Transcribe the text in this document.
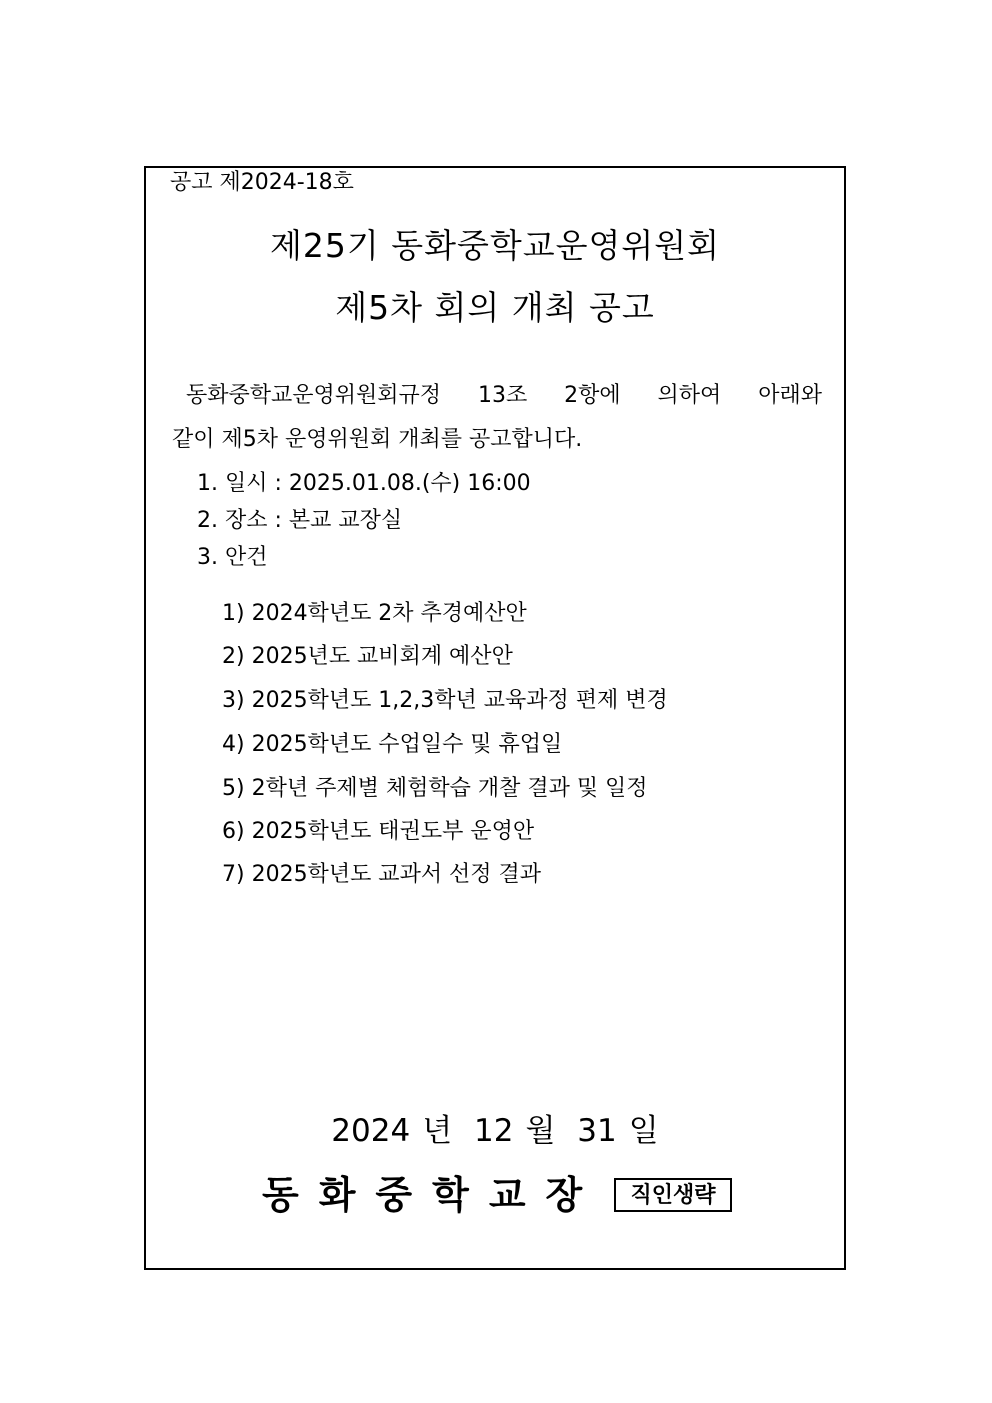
공고 제2024-18호
제25기 동화중학교운영위원회
제5차 회의 개최 공고
동화중학교운영위원회규정 13조 2항에 의하여 아래와
같이 제5차 운영위원회 개최를 공고합니다.
1. 일시 : 2025.01.08.(수) 16:00
2. 장소 : 본교 교장실
3. 안건
1) 2024학년도 2차 추경예산안
2) 2025년도 교비회계 예산안
3) 2025학년도 1,2,3학년 교육과정 편제 변경
4) 2025학년도 수업일수 및 휴업일
5) 2학년 주제별 체험학습 개찰 결과 및 일정
6) 2025학년도 태권도부 운영안
7) 2025학년도 교과서 선정 결과
2024 년 12 월 31 일
동화중학교장	직인생략
